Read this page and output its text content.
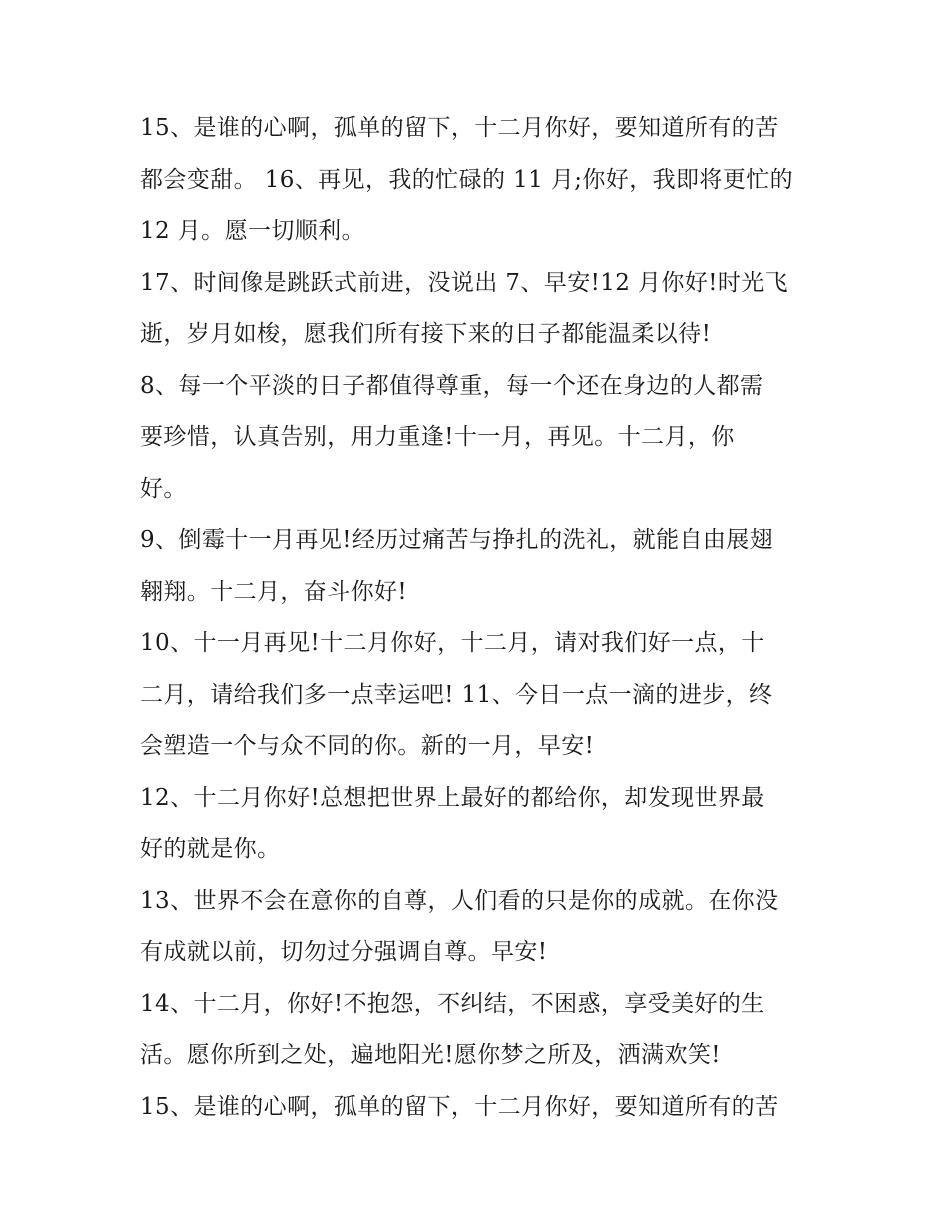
15、是谁的心啊，孤单的留下，十二月你好，要知道所有的苦
都会变甜。 16、再见，我的忙碌的 11 月;你好，我即将更忙的
12 月。愿一切顺利。

17、时间像是跳跃式前进，没说出 7、早安!12 月你好!时光飞
逝，岁月如梭，愿我们所有接下来的日子都能温柔以待!

8、每一个平淡的日子都值得尊重，每一个还在身边的人都需
要珍惜，认真告别，用力重逢!十一月，再见。十二月，你
好。

9、倒霉十一月再见!经历过痛苦与挣扎的洗礼，就能自由展翅
翱翔。十二月，奋斗你好!

10、十一月再见!十二月你好，十二月，请对我们好一点，十
二月，请给我们多一点幸运吧! 11、今日一点一滴的进步，终
会塑造一个与众不同的你。新的一月，早安!

12、十二月你好!总想把世界上最好的都给你，却发现世界最
好的就是你。

13、世界不会在意你的自尊，人们看的只是你的成就。在你没
有成就以前，切勿过分强调自尊。早安!

14、十二月，你好!不抱怨，不纠结，不困惑，享受美好的生
活。愿你所到之处，遍地阳光!愿你梦之所及，洒满欢笑!

15、是谁的心啊，孤单的留下，十二月你好，要知道所有的苦
